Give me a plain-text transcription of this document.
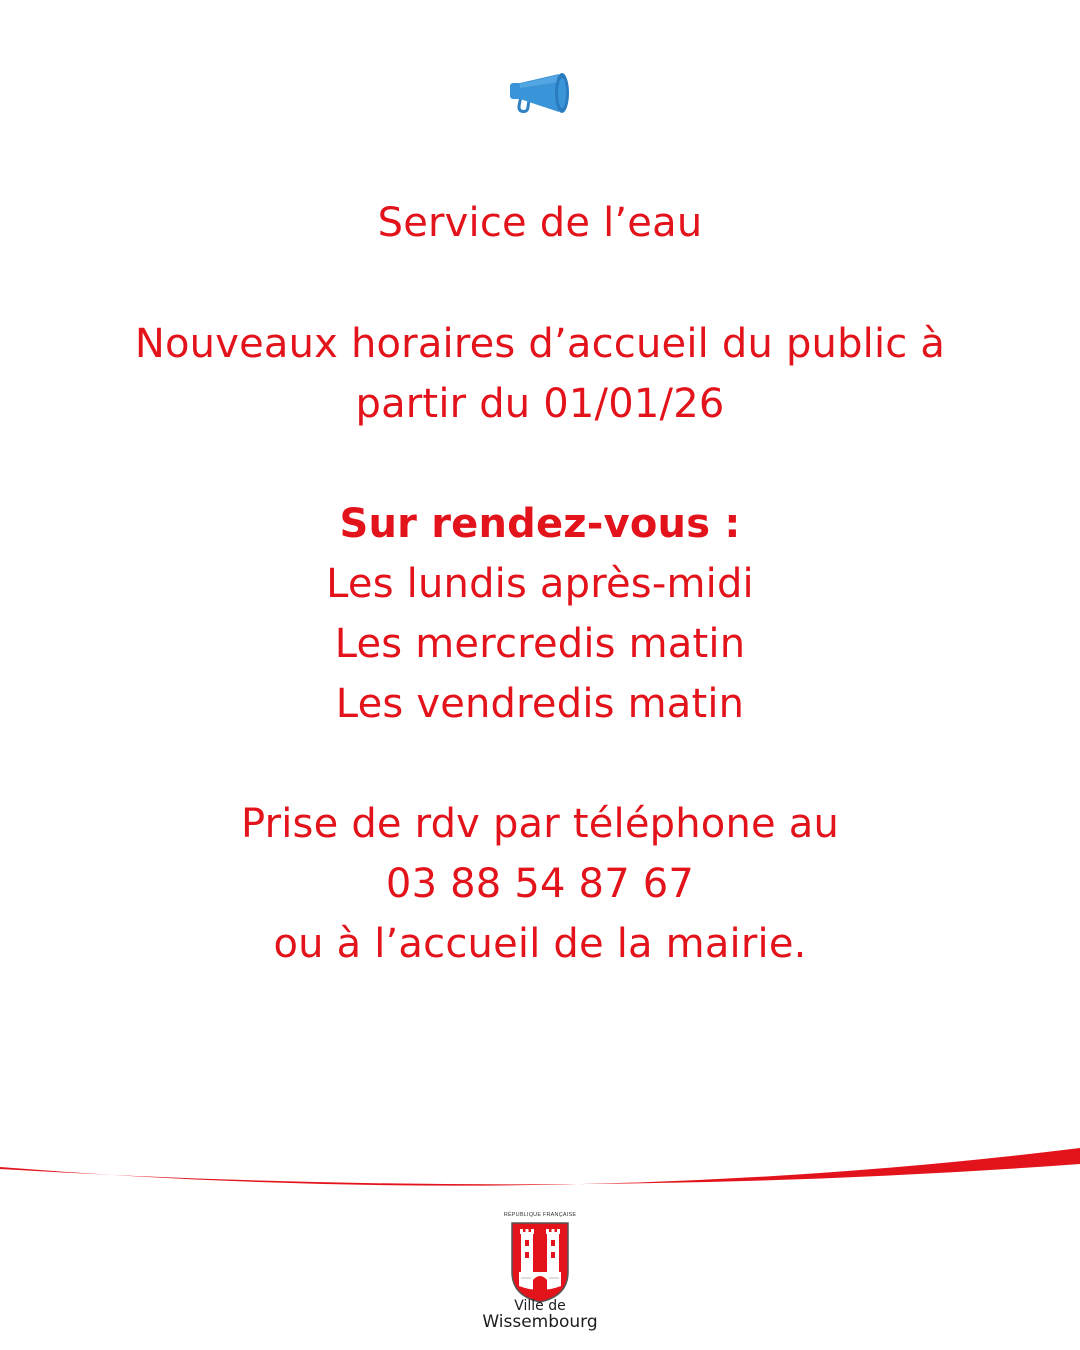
Service de l’eau
Nouveaux horaires d’accueil du public à
partir du 01/01/26
Sur rendez-vous :
Les lundis après-midi
Les mercredis matin
Les vendredis matin
Prise de rdv par téléphone au
03 88 54 87 67
ou à l’accueil de la mairie.
RÉPUBLIQUE FRANÇAISE
Ville de
Wissembourg
